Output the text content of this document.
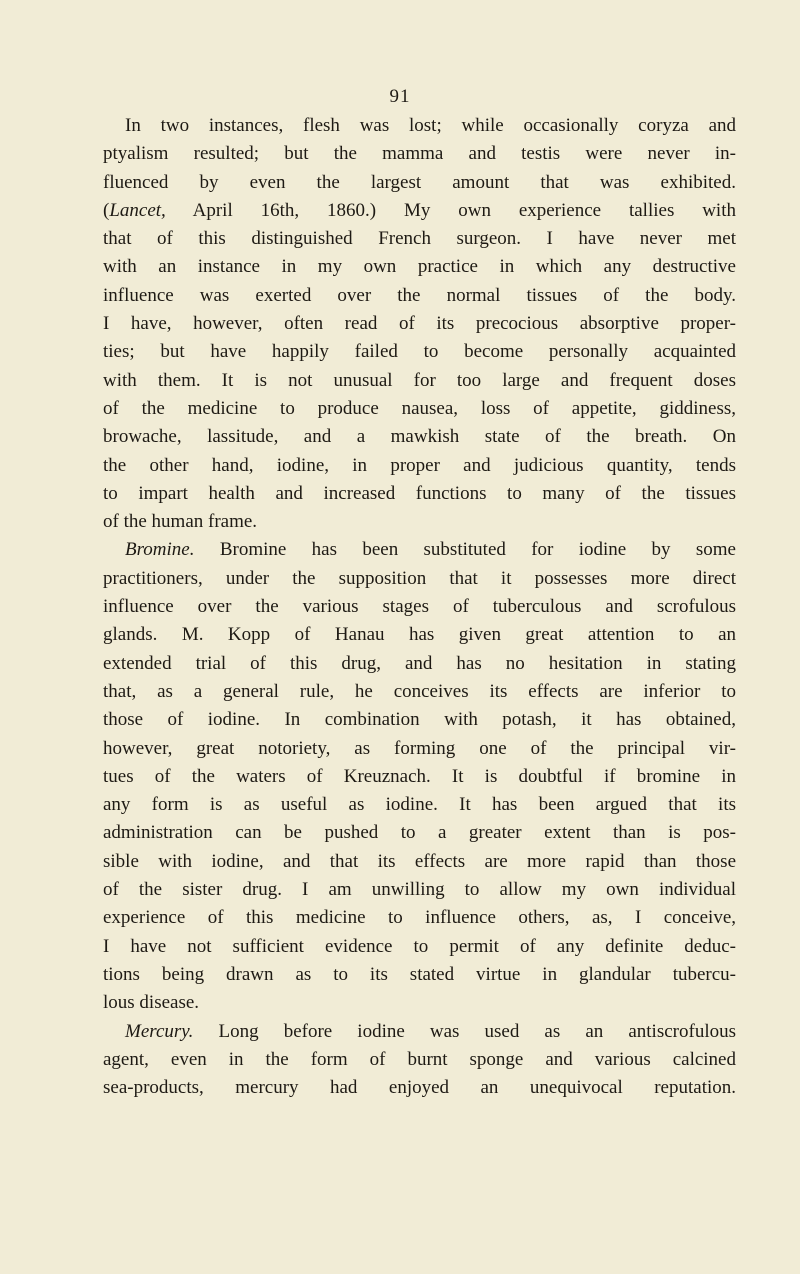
91
In two instances, flesh was lost; while occasionally coryza and
ptyalism resulted; but the mamma and testis were never in-
fluenced by even the largest amount that was exhibited.
(Lancet, April 16th, 1860.) My own experience tallies with
that of this distinguished French surgeon. I have never met
with an instance in my own practice in which any destructive
influence was exerted over the normal tissues of the body.
I have, however, often read of its precocious absorptive proper-
ties; but have happily failed to become personally acquainted
with them. It is not unusual for too large and frequent doses
of the medicine to produce nausea, loss of appetite, giddiness,
browache, lassitude, and a mawkish state of the breath. On
the other hand, iodine, in proper and judicious quantity, tends
to impart health and increased functions to many of the tissues
of the human frame.
Bromine. Bromine has been substituted for iodine by some
practitioners, under the supposition that it possesses more direct
influence over the various stages of tuberculous and scrofulous
glands. M. Kopp of Hanau has given great attention to an
extended trial of this drug, and has no hesitation in stating
that, as a general rule, he conceives its effects are inferior to
those of iodine. In combination with potash, it has obtained,
however, great notoriety, as forming one of the principal vir-
tues of the waters of Kreuznach. It is doubtful if bromine in
any form is as useful as iodine. It has been argued that its
administration can be pushed to a greater extent than is pos-
sible with iodine, and that its effects are more rapid than those
of the sister drug. I am unwilling to allow my own individual
experience of this medicine to influence others, as, I conceive,
I have not sufficient evidence to permit of any definite deduc-
tions being drawn as to its stated virtue in glandular tubercu-
lous disease.
Mercury. Long before iodine was used as an antiscrofulous
agent, even in the form of burnt sponge and various calcined
sea-products, mercury had enjoyed an unequivocal reputation.
